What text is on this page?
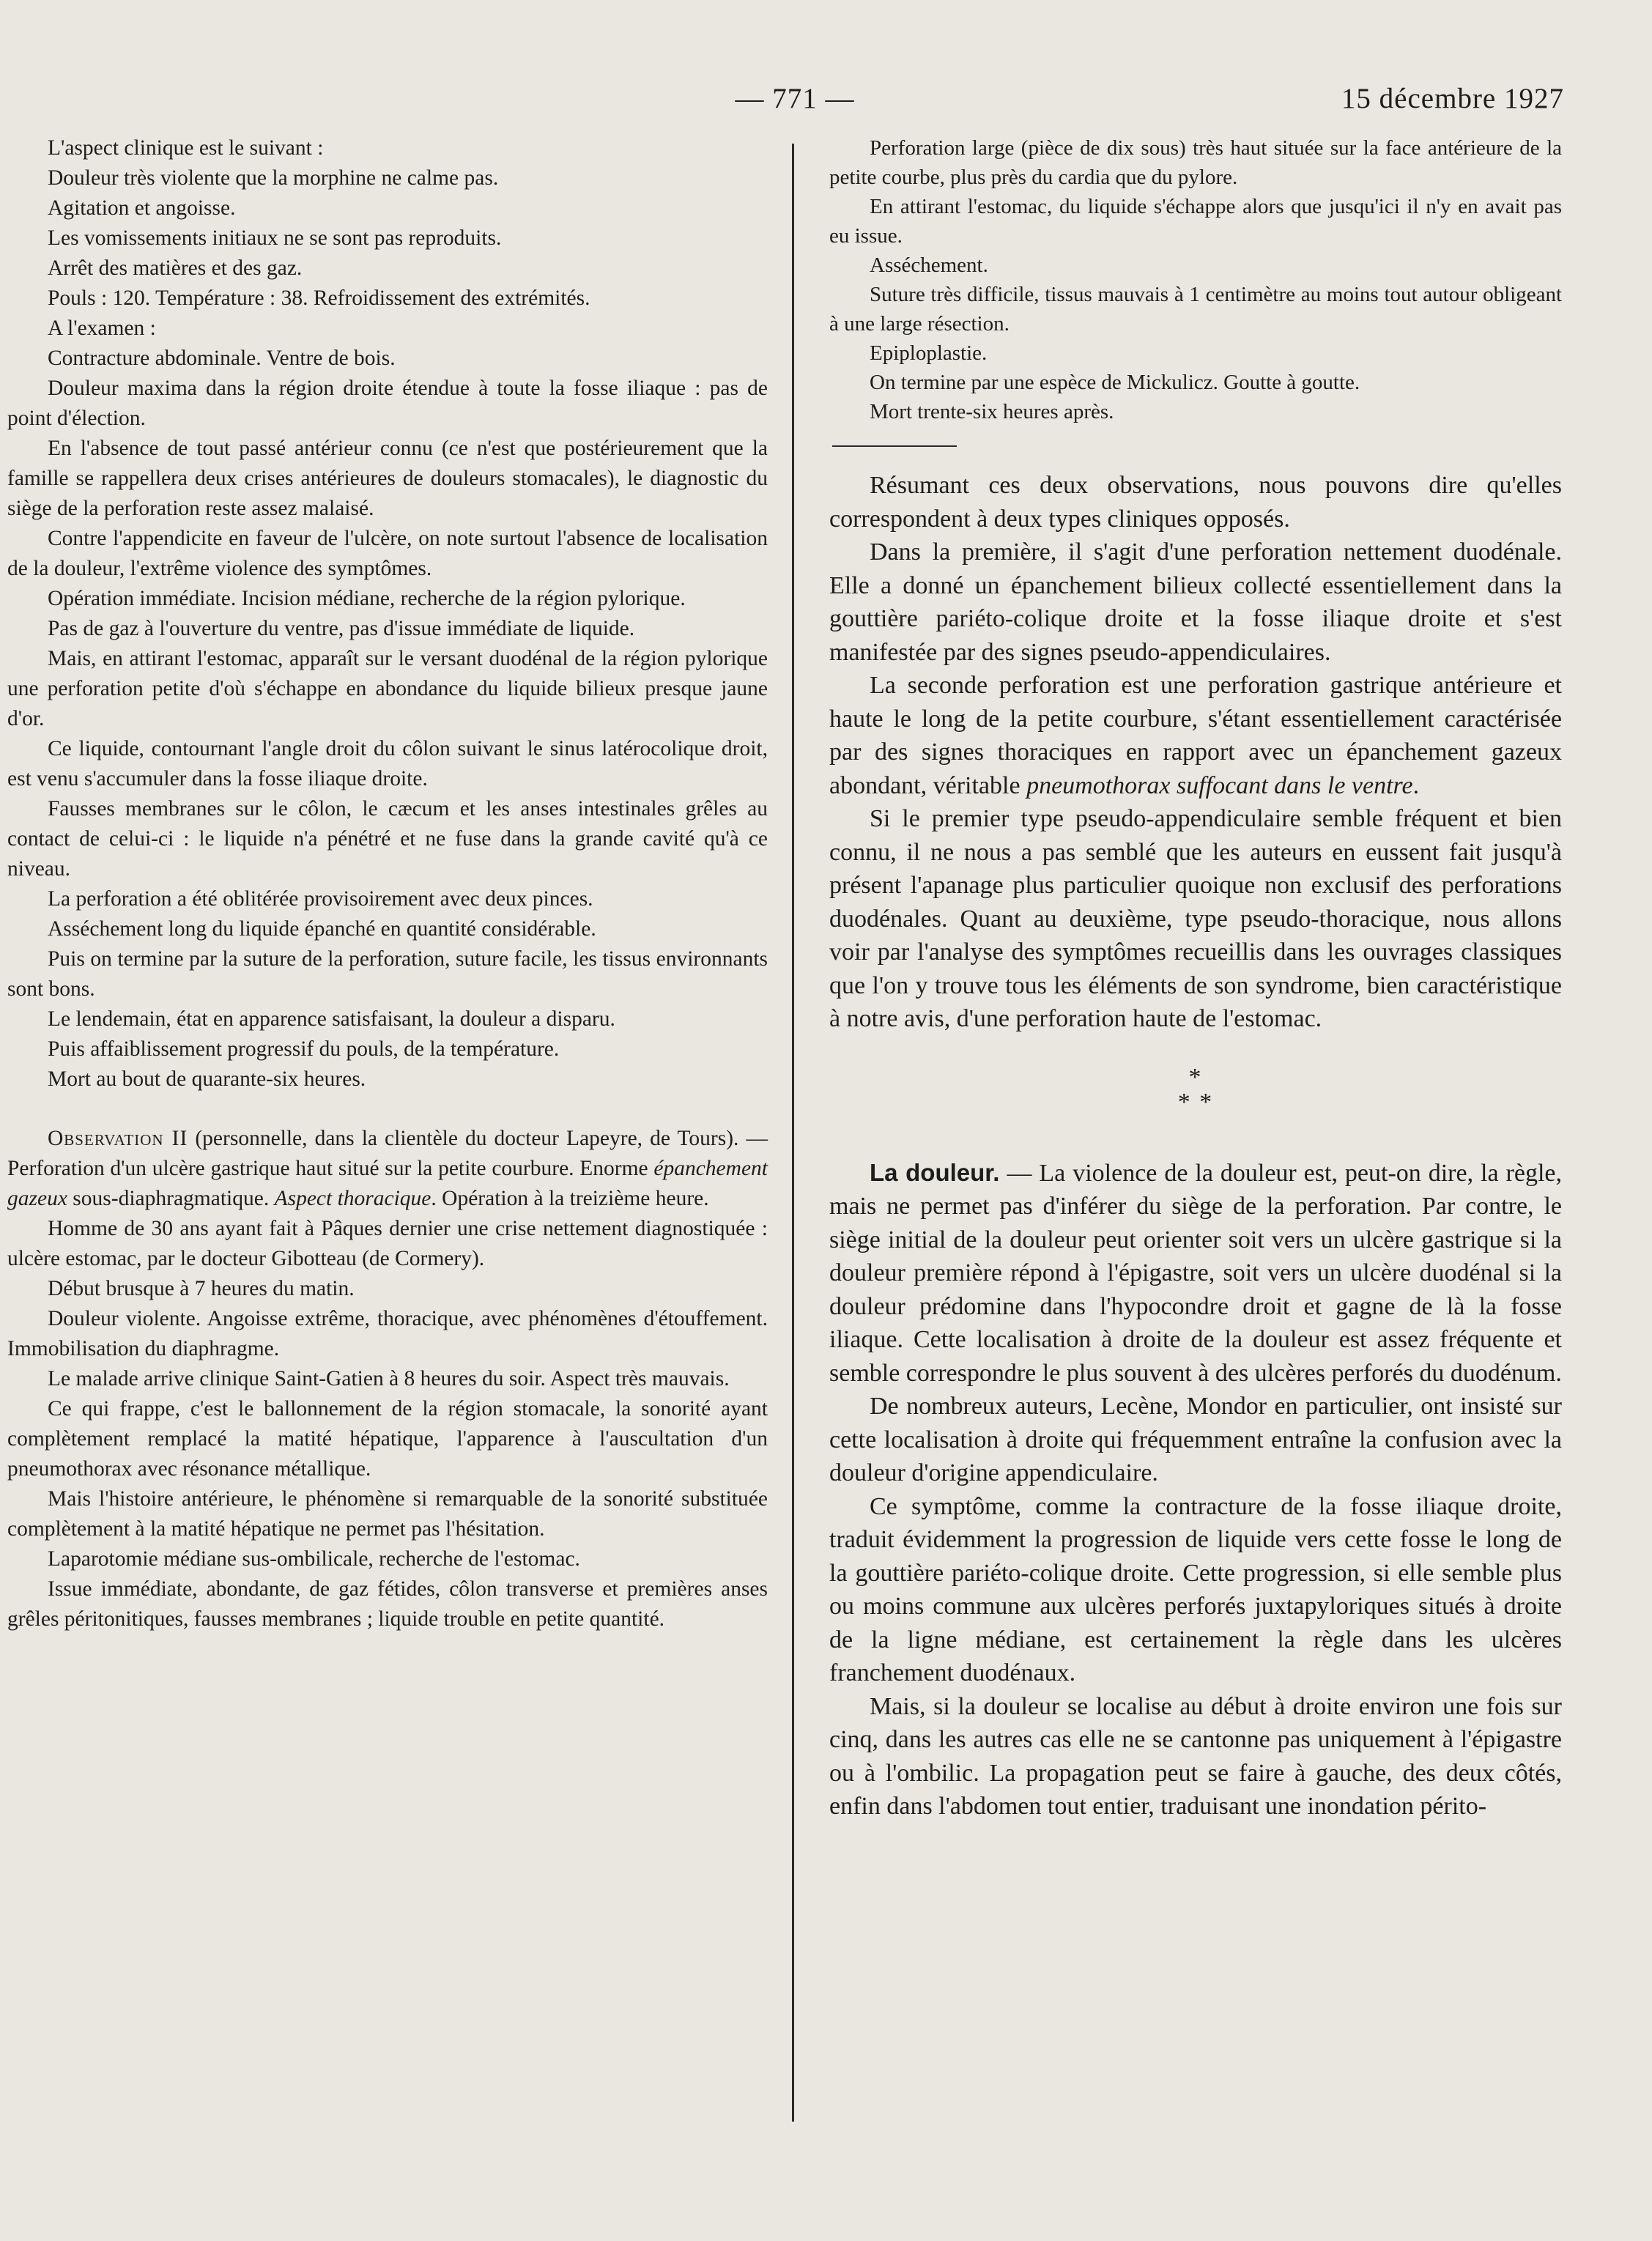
— 771 —	15 décembre 1927

L'aspect clinique est le suivant :

Douleur très violente que la morphine ne calme pas.

Agitation et angoisse.

Les vomissements initiaux ne se sont pas reproduits.

Arrêt des matières et des gaz.

Pouls : 120. Température : 38. Refroidissement des extrémités.

A l'examen :

Contracture abdominale. Ventre de bois.

Douleur maxima dans la région droite étendue à toute la fosse iliaque : pas de point d'élection.

En l'absence de tout passé antérieur connu (ce n'est que postérieurement que la famille se rappellera deux crises antérieures de douleurs stomacales), le diagnostic du siège de la perforation reste assez malaisé.

Contre l'appendicite en faveur de l'ulcère, on note surtout l'absence de localisation de la douleur, l'extrême violence des symptômes.

Opération immédiate. Incision médiane, recherche de la région pylorique.

Pas de gaz à l'ouverture du ventre, pas d'issue immédiate de liquide.

Mais, en attirant l'estomac, apparaît sur le versant duodénal de la région pylorique une perforation petite d'où s'échappe en abondance du liquide bilieux presque jaune d'or.

Ce liquide, contournant l'angle droit du côlon suivant le sinus latérocolique droit, est venu s'accumuler dans la fosse iliaque droite.

Fausses membranes sur le côlon, le cæcum et les anses intestinales grêles au contact de celui-ci : le liquide n'a pénétré et ne fuse dans la grande cavité qu'à ce niveau.

La perforation a été oblitérée provisoirement avec deux pinces.

Asséchement long du liquide épanché en quantité considérable.

Puis on termine par la suture de la perforation, suture facile, les tissus environnants sont bons.

Le lendemain, état en apparence satisfaisant, la douleur a disparu.

Puis affaiblissement progressif du pouls, de la température.

Mort au bout de quarante-six heures.

Observation II (personnelle, dans la clientèle du docteur Lapeyre, de Tours). — Perforation d'un ulcère gastrique haut situé sur la petite courbure. Enorme épanchement gazeux sous-diaphragmatique. Aspect thoracique. Opération à la treizième heure.

Homme de 30 ans ayant fait à Pâques dernier une crise nettement diagnostiquée : ulcère estomac, par le docteur Gibotteau (de Cormery).

Début brusque à 7 heures du matin.

Douleur violente. Angoisse extrême, thoracique, avec phénomènes d'étouffement. Immobilisation du diaphragme.

Le malade arrive clinique Saint-Gatien à 8 heures du soir. Aspect très mauvais.

Ce qui frappe, c'est le ballonnement de la région stomacale, la sonorité ayant complètement remplacé la matité hépatique, l'apparence à l'auscultation d'un pneumothorax avec résonance métallique.

Mais l'histoire antérieure, le phénomène si remarquable de la sonorité substituée complètement à la matité hépatique ne permet pas l'hésitation.

Laparotomie médiane sus-ombilicale, recherche de l'estomac.

Issue immédiate, abondante, de gaz fétides, côlon transverse et premières anses grêles péritonitiques, fausses membranes ; liquide trouble en petite quantité.

Perforation large (pièce de dix sous) très haut située sur la face antérieure de la petite courbe, plus près du cardia que du pylore.

En attirant l'estomac, du liquide s'échappe alors que jusqu'ici il n'y en avait pas eu issue.

Asséchement.

Suture très difficile, tissus mauvais à 1 centimètre au moins tout autour obligeant à une large résection.

Epiploplastie.

On termine par une espèce de Mickulicz. Goutte à goutte.

Mort trente-six heures après.

Résumant ces deux observations, nous pouvons dire qu'elles correspondent à deux types cliniques opposés.

Dans la première, il s'agit d'une perforation nettement duodénale. Elle a donné un épanchement bilieux collecté essentiellement dans la gouttière pariéto-colique droite et la fosse iliaque droite et s'est manifestée par des signes pseudo-appendiculaires.

La seconde perforation est une perforation gastrique antérieure et haute le long de la petite courbure, s'étant essentiellement caractérisée par des signes thoraciques en rapport avec un épanchement gazeux abondant, véritable pneumothorax suffocant dans le ventre.

Si le premier type pseudo-appendiculaire semble fréquent et bien connu, il ne nous a pas semblé que les auteurs en eussent fait jusqu'à présent l'apanage plus particulier quoique non exclusif des perforations duodénales. Quant au deuxième, type pseudo-thoracique, nous allons voir par l'analyse des symptômes recueillis dans les ouvrages classiques que l'on y trouve tous les éléments de son syndrome, bien caractéristique à notre avis, d'une perforation haute de l'estomac.

*
* *

La douleur. — La violence de la douleur est, peut-on dire, la règle, mais ne permet pas d'inférer du siège de la perforation. Par contre, le siège initial de la douleur peut orienter soit vers un ulcère gastrique si la douleur première répond à l'épigastre, soit vers un ulcère duodénal si la douleur prédomine dans l'hypocondre droit et gagne de là la fosse iliaque. Cette localisation à droite de la douleur est assez fréquente et semble correspondre le plus souvent à des ulcères perforés du duodénum.

De nombreux auteurs, Lecène, Mondor en particulier, ont insisté sur cette localisation à droite qui fréquemment entraîne la confusion avec la douleur d'origine appendiculaire.

Ce symptôme, comme la contracture de la fosse iliaque droite, traduit évidemment la progression de liquide vers cette fosse le long de la gouttière pariéto-colique droite. Cette progression, si elle semble plus ou moins commune aux ulcères perforés juxtapyloriques situés à droite de la ligne médiane, est certainement la règle dans les ulcères franchement duodénaux.

Mais, si la douleur se localise au début à droite environ une fois sur cinq, dans les autres cas elle ne se cantonne pas uniquement à l'épigastre ou à l'ombilic. La propagation peut se faire à gauche, des deux côtés, enfin dans l'abdomen tout entier, traduisant une inondation périto-
